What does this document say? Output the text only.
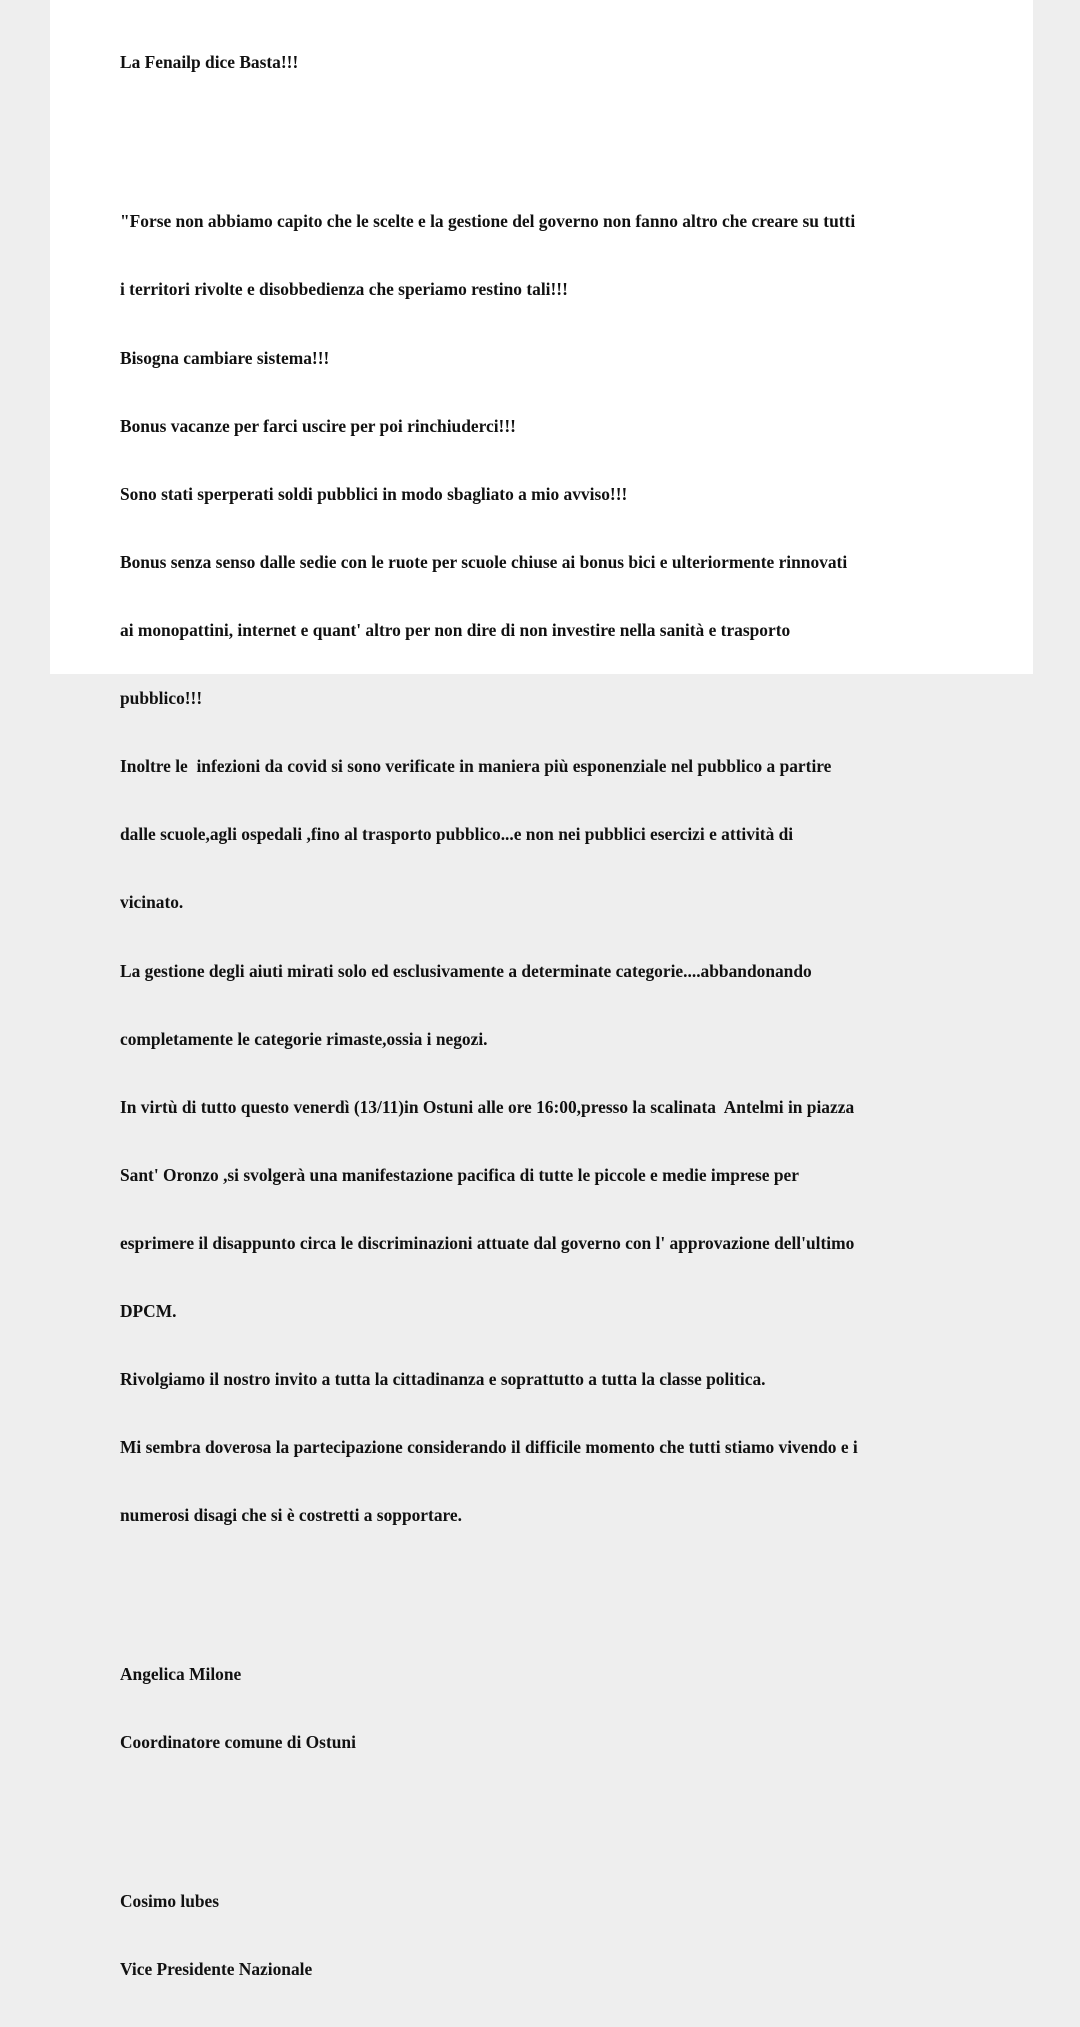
La Fenailp dice Basta!!!

"Forse non abbiamo capito che le scelte e la gestione del governo non fanno altro che creare su tutti

i territori rivolte e disobbedienza che speriamo restino tali!!!

Bisogna cambiare sistema!!!

Bonus vacanze per farci uscire per poi rinchiuderci!!!

Sono stati sperperati soldi pubblici in modo sbagliato a mio avviso!!!

Bonus senza senso dalle sedie con le ruote per scuole chiuse ai bonus bici e ulteriormente rinnovati

ai monopattini, internet e quant' altro per non dire di non investire nella sanità e trasporto

pubblico!!!

Inoltre le  infezioni da covid si sono verificate in maniera più esponenziale nel pubblico a partire

dalle scuole,agli ospedali ,fino al trasporto pubblico...e non nei pubblici esercizi e attività di

vicinato.

La gestione degli aiuti mirati solo ed esclusivamente a determinate categorie....abbandonando

completamente le categorie rimaste,ossia i negozi.

In virtù di tutto questo venerdì (13/11)in Ostuni alle ore 16:00,presso la scalinata  Antelmi in piazza

Sant' Oronzo ,si svolgerà una manifestazione pacifica di tutte le piccole e medie imprese per

esprimere il disappunto circa le discriminazioni attuate dal governo con l' approvazione dell'ultimo

DPCM.

Rivolgiamo il nostro invito a tutta la cittadinanza e soprattutto a tutta la classe politica.

Mi sembra doverosa la partecipazione considerando il difficile momento che tutti stiamo vivendo e i

numerosi disagi che si è costretti a sopportare.

Angelica Milone

Coordinatore comune di Ostuni

Cosimo lubes

Vice Presidente Nazionale
